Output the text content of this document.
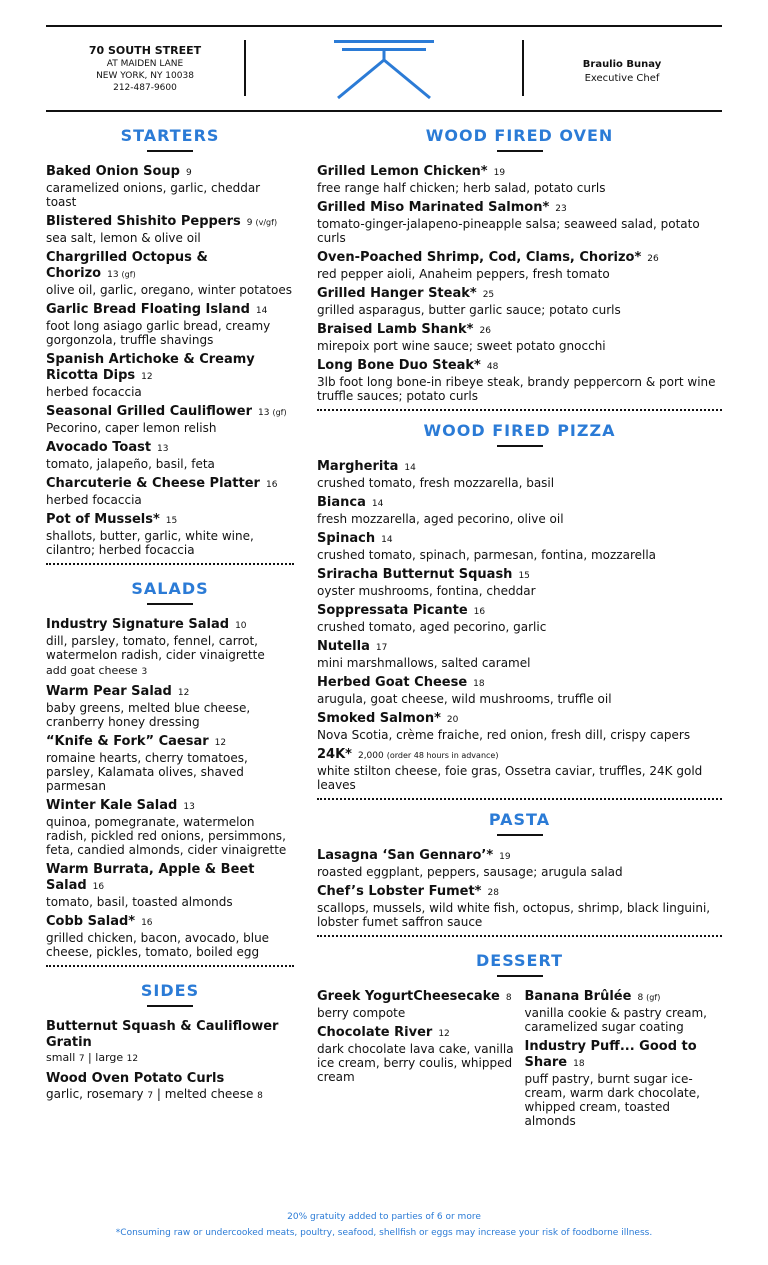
70 SOUTH STREET
AT MAIDEN LANE
NEW YORK, NY 10038
212-487-9600
Braulio Bunay
Executive Chef
STARTERS
Baked Onion Soup 9
caramelized onions, garlic, cheddar toast
Blistered Shishito Peppers 9 (v/gf)
sea salt, lemon & olive oil
Chargrilled Octopus & Chorizo 13 (gf)
olive oil, garlic, oregano, winter potatoes
Garlic Bread Floating Island 14
foot long asiago garlic bread, creamy gorgonzola, truffle shavings
Spanish Artichoke & Creamy Ricotta Dips 12
herbed focaccia
Seasonal Grilled Cauliflower 13 (gf)
Pecorino, caper lemon relish
Avocado Toast 13
tomato, jalapeño, basil, feta
Charcuterie & Cheese Platter 16
herbed focaccia
Pot of Mussels* 15
shallots, butter, garlic, white wine, cilantro; herbed focaccia
SALADS
Industry Signature Salad 10
dill, parsley, tomato, fennel, carrot, watermelon radish, cider vinaigrette
add goat cheese 3
Warm Pear Salad 12
baby greens, melted blue cheese, cranberry honey dressing
“Knife & Fork” Caesar 12
romaine hearts, cherry tomatoes, parsley, Kalamata olives, shaved parmesan
Winter Kale Salad 13
quinoa, pomegranate, watermelon radish, pickled red onions, persimmons, feta, candied almonds, cider vinaigrette
Warm Burrata, Apple & Beet Salad 16
tomato, basil, toasted almonds
Cobb Salad* 16
grilled chicken, bacon, avocado, blue cheese, pickles, tomato, boiled egg
SIDES
Butternut Squash & Cauliflower Gratin
small 7 | large 12
Wood Oven Potato Curls
garlic, rosemary 7 | melted cheese 8
WOOD FIRED OVEN
Grilled Lemon Chicken* 19
free range half chicken; herb salad, potato curls
Grilled Miso Marinated Salmon* 23
tomato-ginger-jalapeno-pineapple salsa; seaweed salad, potato curls
Oven-Poached Shrimp, Cod, Clams, Chorizo* 26
red pepper aioli, Anaheim peppers, fresh tomato
Grilled Hanger Steak* 25
grilled asparagus, butter garlic sauce; potato curls
Braised Lamb Shank* 26
mirepoix port wine sauce; sweet potato gnocchi
Long Bone Duo Steak* 48
3lb foot long bone-in ribeye steak, brandy peppercorn & port wine truffle sauces; potato curls
WOOD FIRED PIZZA
Margherita 14
crushed tomato, fresh mozzarella, basil
Bianca 14
fresh mozzarella, aged pecorino, olive oil
Spinach 14
crushed tomato, spinach, parmesan, fontina, mozzarella
Sriracha Butternut Squash 15
oyster mushrooms, fontina, cheddar
Soppressata Picante 16
crushed tomato, aged pecorino, garlic
Nutella 17
mini marshmallows, salted caramel
Herbed Goat Cheese 18
arugula, goat cheese, wild mushrooms, truffle oil
Smoked Salmon* 20
Nova Scotia, crème fraiche, red onion, fresh dill, crispy capers
24K* 2,000 (order 48 hours in advance)
white stilton cheese, foie gras, Ossetra caviar, truffles, 24K gold leaves
PASTA
Lasagna ‘San Gennaro’* 19
roasted eggplant, peppers, sausage; arugula salad
Chef’s Lobster Fumet* 28
scallops, mussels, wild white fish, octopus, shrimp, black linguini, lobster fumet saffron sauce
DESSERT
Greek YogurtCheesecake 8
berry compote
Chocolate River 12
dark chocolate lava cake, vanilla ice cream, berry coulis, whipped cream
Banana Brûlée 8 (gf)
vanilla cookie & pastry cream, caramelized sugar coating
Industry Puff... Good to Share 18
puff pastry, burnt sugar ice-cream, warm dark chocolate, whipped cream, toasted almonds
20% gratuity added to parties of 6 or more
*Consuming raw or undercooked meats, poultry, seafood, shellfish or eggs may increase your risk of foodborne illness.
